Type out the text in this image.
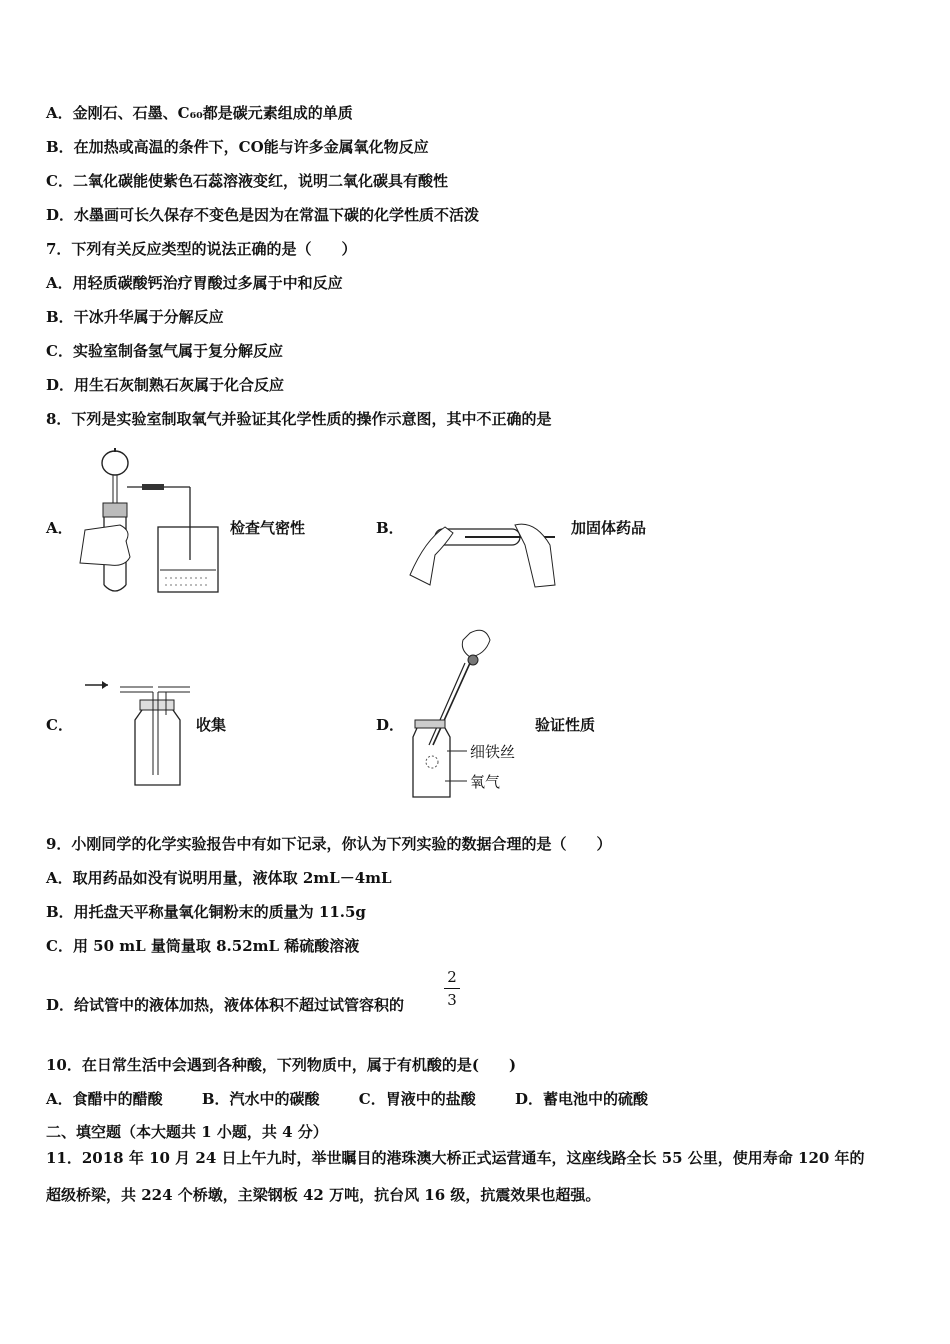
A．金刚石、石墨、C₆₀都是碳元素组成的单质
B．在加热或高温的条件下，CO能与许多金属氧化物反应
C．二氧化碳能使紫色石蕊溶液变红，说明二氧化碳具有酸性
D．水墨画可长久保存不变色是因为在常温下碳的化学性质不活泼
7．下列有关反应类型的说法正确的是（　　）
A．用轻质碳酸钙治疗胃酸过多属于中和反应
B．干冰升华属于分解反应
C．实验室制备氢气属于复分解反应
D．用生石灰制熟石灰属于化合反应
8．下列是实验室制取氧气并验证其化学性质的操作示意图，其中不正确的是
A．	检查气密性	B．	加固体药品
C．	收集	D．
细铁丝
氧气
验证性质
9．小刚同学的化学实验报告中有如下记录，你认为下列实验的数据合理的是（　　）
A．取用药品如没有说明用量，液体取 2mL－4mL
B．用托盘天平称量氧化铜粉末的质量为 11.5g
C．用 50 mL 量筒量取 8.52mL 稀硫酸溶液
D．给试管中的液体加热，液体体积不超过试管容积的
2
3
10．在日常生活中会遇到各种酸，下列物质中，属于有机酸的是(　　)
A．食醋中的醋酸	B．汽水中的碳酸	C．胃液中的盐酸	D．蓄电池中的硫酸
二、填空题（本大题共 1 小题，共 4 分）
11．2018 年 10 月 24 日上午九时，举世瞩目的港珠澳大桥正式运营通车，这座线路全长 55 公里，使用寿命 120 年的
超级桥梁，共 224 个桥墩，主梁钢板 42 万吨，抗台风 16 级，抗震效果也超强。
